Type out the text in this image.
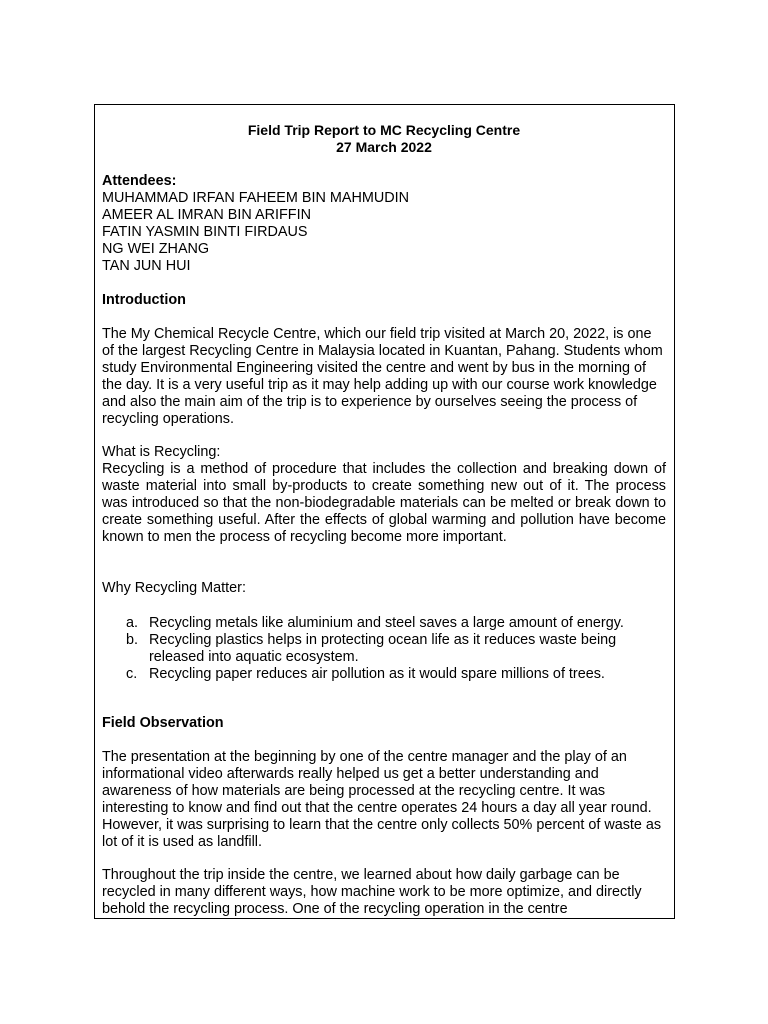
Field Trip Report to MC Recycling Centre
27 March 2022
Attendees:
MUHAMMAD IRFAN FAHEEM BIN MAHMUDIN
AMEER AL IMRAN BIN ARIFFIN
FATIN YASMIN BINTI FIRDAUS
NG WEI ZHANG
TAN JUN HUI
Introduction

The My Chemical Recycle Centre, which our field trip visited at March 20, 2022, is one of the largest Recycling Centre in Malaysia located in Kuantan, Pahang. Students whom study Environmental Engineering visited the centre and went by bus in the morning of the day. It is a very useful trip as it may help adding up with our course work knowledge and also the main aim of the trip is to experience by ourselves seeing the process of recycling operations.

What is Recycling:

Recycling is a method of procedure that includes the collection and breaking down of waste material into small by-products to create something new out of it. The process was introduced so that the non-biodegradable materials can be melted or break down to create something useful. After the effects of global warming and pollution have become known to men the process of recycling become more important.

Why Recycling Matter:

a. Recycling metals like aluminium and steel saves a large amount of energy.
b. Recycling plastics helps in protecting ocean life as it reduces waste being released into aquatic ecosystem.
c. Recycling paper reduces air pollution as it would spare millions of trees.
Field Observation

The presentation at the beginning by one of the centre manager and the play of an informational video afterwards really helped us get a better understanding and awareness of how materials are being processed at the recycling centre. It was interesting to know and find out that the centre operates 24 hours a day all year round. However, it was surprising to learn that the centre only collects 50% percent of waste as lot of it is used as landfill.

Throughout the trip inside the centre, we learned about how daily garbage can be recycled in many different ways, how machine work to be more optimize, and directly behold the recycling process. One of the recycling operation in the centre
